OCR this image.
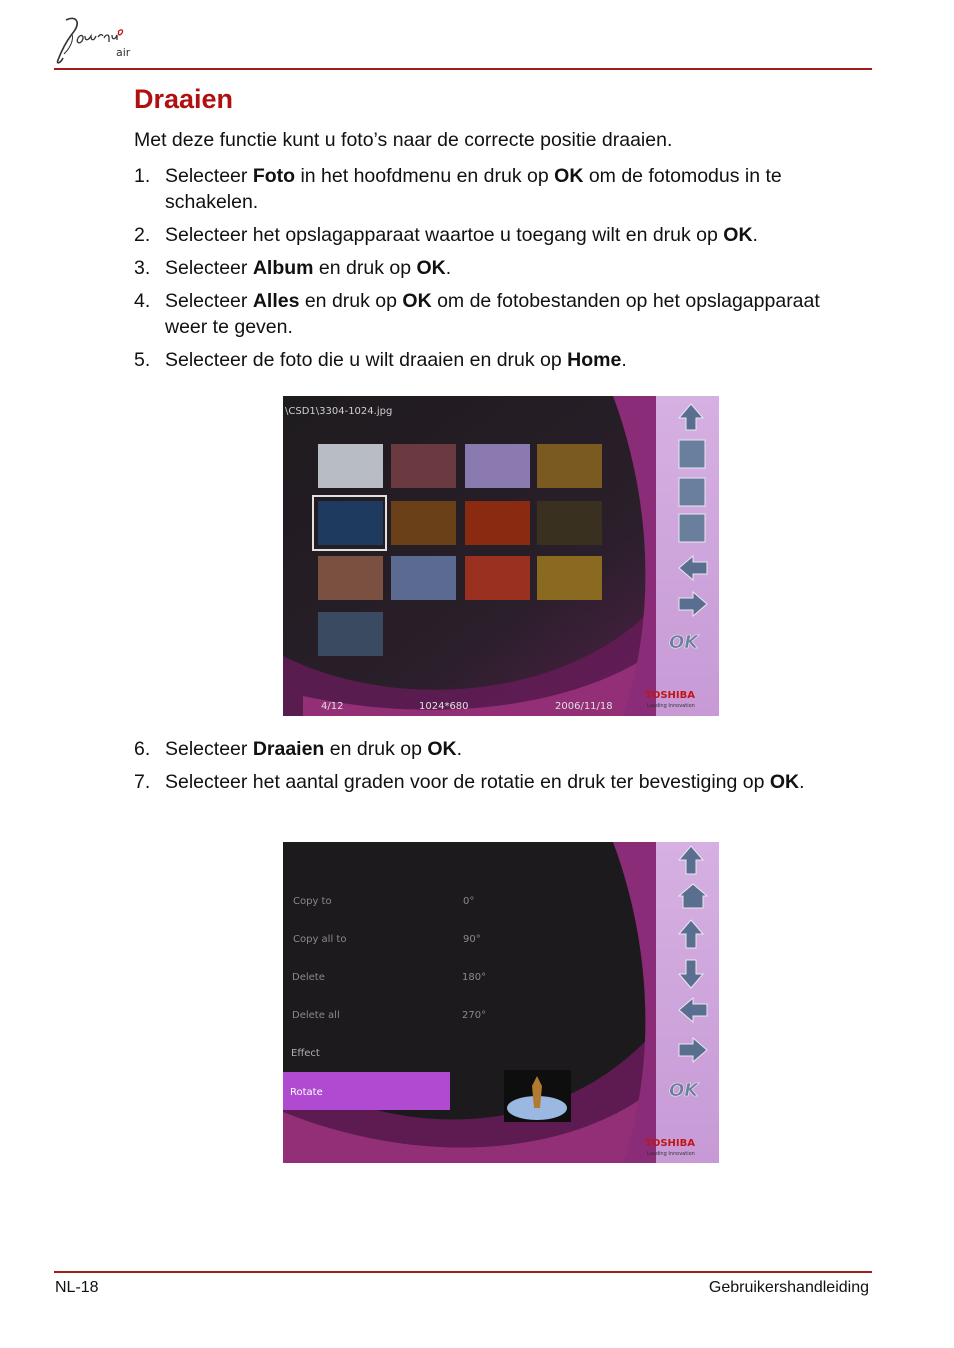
air
Draaien

Met deze functie kunt u foto’s naar de correcte positie draaien.

1. Selecteer Foto in het hoofdmenu en druk op OK om de fotomodus in te schakelen.
2. Selecteer het opslagapparaat waartoe u toegang wilt en druk op OK.
3. Selecteer Album en druk op OK.
4. Selecteer Alles en druk op OK om de fotobestanden op het opslagapparaat weer te geven.
5. Selecteer de foto die u wilt draaien en druk op Home.
\CSD1\3304-1024.jpg
OK
TOSHIBA
Leading Innovation
4/12	1024*680	2006/11/18
6. Selecteer Draaien en druk op OK.
7. Selecteer het aantal graden voor de rotatie en druk ter bevestiging op OK.
Copy to
Copy all to
Delete
Delete all
Effect
Rotate
0°
90°
180°
270°
OK
TOSHIBA
Leading Innovation
NL-18	Gebruikershandleiding
